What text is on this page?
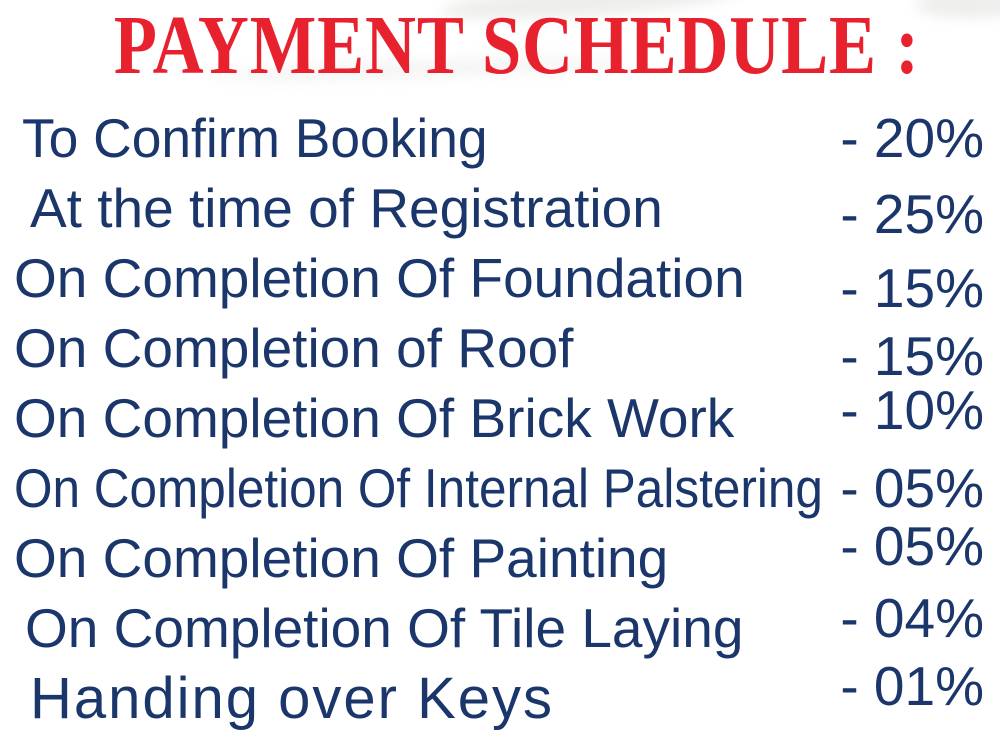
PAYMENT SCHEDULE :
To Confirm Booking	- 20%
At the time of Registration	- 25%
On Completion Of Foundation - 15%
On Completion of Roof	- 15%
On Completion Of Brick Work - 10%
On Completion Of Internal Palstering - 05%
On Completion Of Painting	- 05%
On Completion Of Tile Laying - 04%
Handing over Keys	- 01%
